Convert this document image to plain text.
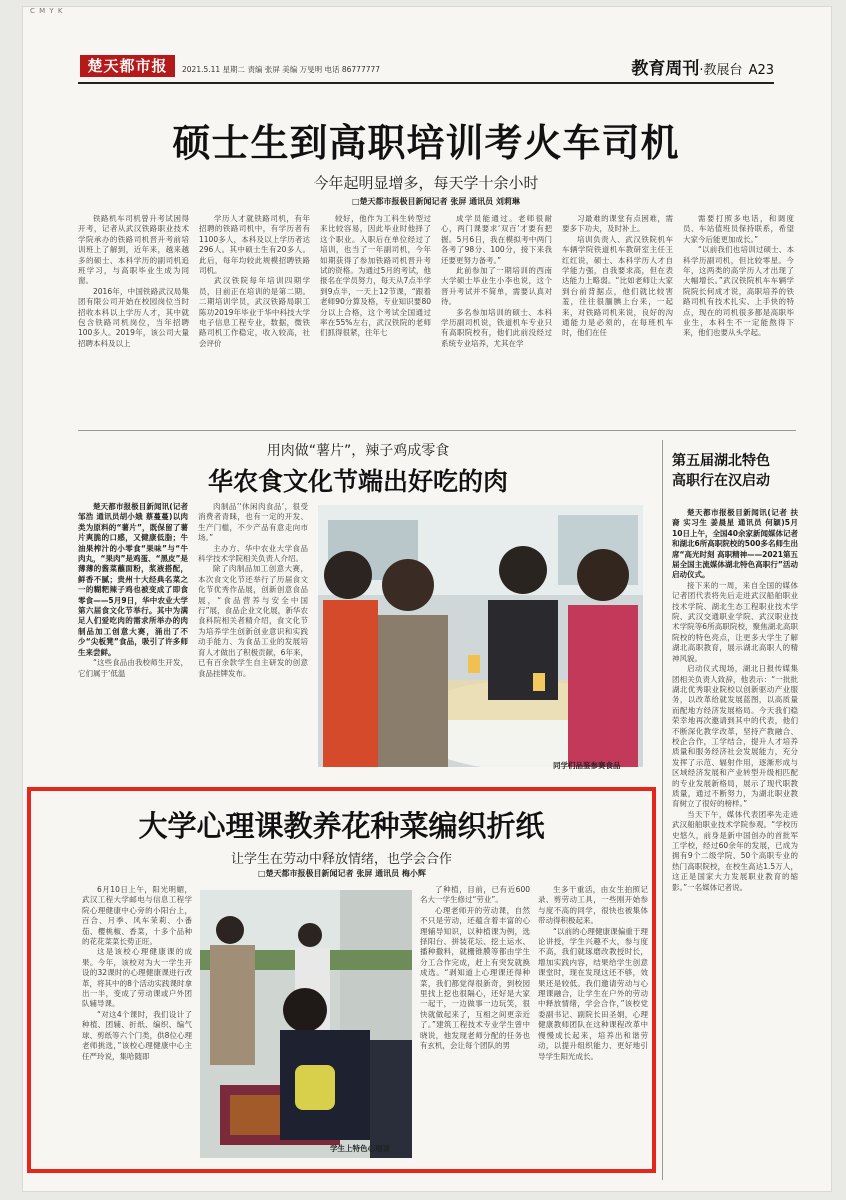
C M Y K
楚天都市报	2021.5.11 星期二 责编 张屏 美编 万旻明 电话 86777777	教育周刊·教展台 A23
硕士生到高职培训考火车司机
今年起明显增多，每天学十余小时
□楚天都市报极目新闻记者 张屏 通讯员 刘莉琳

铁路机车司机曾升考试困得开考，记者从武汉铁路职业技术学院承办的铁路司机晋升考前培训班上了解到，近年来，越来越多的硕士、本科学历的副司机追班学习，与高职毕业生成为同窗。

2016年，中国铁路武汉局集团有限公司开始在校园岗位当时招收本科以上学历人才，其中就包含铁路司机岗位，当年招聘100多人。2019年，该公司大量招聘本科及以上

学历人才就铁路司机，有年招聘的铁路司机中，有学历者有1100多人，本科及以上学历者达296人。其中硕士生有20多人。此后，每年均较此规模招聘铁路司机。

武汉铁院每年培训四期学员，目前正在培训的是第二期。二期培训学员，武汉铁路局职工陈功2019年毕业于华中科技大学电子信息工程专业，数据，微铁路司机工作稳定，收入较高，社会评价

较好，他作为工科生转型过来比较容易，因此毕业时他择了这个职业。入职后在单位经过了培训，也当了一年副司机，今年如期获得了参加铁路司机晋升考试的资格。为通过5月的考试，他报名在学员努力，每天从7点半学到9点半，一天上12节课，“跟着老师90分算及格，专业知识要80分以上合格，这个考试全国通过率在55%左右，武汉铁院的老师们抓得很紧，往年七

成学员能通过。老师很耐心，两门课要求‘双百’才要有把握。5月6日，我在模拟考中两门各考了98分、100分，接下来我还要更努力备考。”

此前参加了一期培训的西南大学硕士毕业生小李也说，这个晋升考试并不简单，需要认真对待。

多名参加培训的硕士、本科学历副司机说，铁道机车专业只有高职院校有，他们此前没经过系统专业培养，尤其在学

习最难的课堂有点困难，需要多下功夫，及时补上。

培训负责人、武汉铁院机车车辆学院铁道机车教研室主任王红红说，硕士、本科学历人才自学能力强，自我要求高，但在表达能力上略弱。“比如老师让大家到台前背据点，他们就比较害羞，往往很腼腆上台来，一起来，对铁路司机来说，良好的沟通能力是必须的，在每班机车时，他们在任

需要打照多电话，和调度员、车站值班员保持联系，希望大家今后能更加成长。”

“以前我们也培训过硕士、本科学历副司机，但比较零星。今年，这两类的高学历人才出现了大幅增长。”武汉铁院机车车辆学院院长何成才说，高职培养的铁路司机有技术扎实、上手快的特点，现在的司机很多都是高职毕业生，本科生不一定能熬得下来，他们也要从头学起。

用肉做“薯片”，辣子鸡成零食
华农食文化节端出好吃的肉

楚天都市报极目新闻讯(记者邹浩 通讯员胡小娥 蔡蔓蔓)以肉类为原料的“薯片”，既保留了薯片爽脆的口感，又健康低脂；牛油果榨汁的小零食“果味”与“牛肉丸，“果肉”是鸡蛋、“黑皮”是薄薄的酱菜蘸面粉，浆液搭配，鲜香不腻；贵州十大经典名菜之一的糊粑辣子鸡也被变成了即食零食——5月9日，华中农业大学第六届食文化节举行。其中为满足人们爱吃肉的需求所举办的肉制品加工创意大赛，涌出了不少“尖板凳”食品，吸引了许多师生来尝鲜。

“这些食品由我校师生开发，它们属于‘低温

肉制品’‘休闲肉食品’，很受消费者青睐，也有一定的开发、生产门槛，不少产品有意走向市场。”

主办方、华中农业大学食品科学技术学院相关负责人介绍。

除了肉制品加工创意大赛，本次食文化节还举行了历届食文化节优秀作品展，创新创意食品展，“食品营养与安全中国行”展，食品企业文化展，新华农食科院相关者精介绍，食文化节为培养学生创新创业意识和实践动手能力、为食品工业的发展培育人才做出了积极贡献，6年来，已有百余款学生自主研发的创意食品挂牌发布。

同学们品鉴参赛食品
第五届湖北特色
高职行在汉启动

楚天都市报极目新闻讯(记者 扶裔 实习生 姜晨星 通讯员 何颖)5月10日上午，全国40余家新闻媒体记者和湖北6所高职院校的500多名师生出席“高光时刻 高职精神——2021第五届全国主流媒体湖北特色高职行”活动启动仪式。

接下来的一周，来自全国的媒体记者团代表将先后走进武汉船舶职业技术学院、湖北生态工程职业技术学院、武汉交通职业学院、武汉职业技术学院等6所高职院校，聚焦湖北高职院校的特色亮点，让更多大学生了解湖北高职教育，展示湖北高职人的精神风貌。

启动仪式现场，湖北日报传媒集团相关负责人致辞，他表示：“一批批湖北优秀职业院校以创新驱动产业服务，以改革给就发展蓝图，以高质量而配地方经济发展格局。今天我们稳荣幸地再次邀请到其中的代表，他们不断深化教学改革，坚持产教融合、校企合作，工学结合，提升人才培养质量和服务经济社会发展能力，充分发挥了示范、辐射作用，逐渐形成与区域经济发展和产业转型升级相匹配的专业发展新格局，展示了现代职教质量，通过不断努力，为湖北职业教育树立了很好的榜样。”

当天下午，媒体代表团率先走进武汉船舶职业技术学院参观。“学校历史悠久，前身是新中国创办的首批军工学校，经过60余年的发展，已成为拥有9个二级学院、50个高职专业的热门高职院校，在校生高达1.5万人，这正是国家大力发展职业教育的缩影。”一名媒体记者说。

大学心理课教养花种菜编织折纸
让学生在劳动中释放情绪，也学会合作
□楚天都市报极目新闻记者 张屏 通讯员 梅小辉

6月10日上午，阳光明媚，武汉工程大学邮电与信息工程学院心理健康中心旁的小阳台上，百合、月季、风车茉莉、小番茄、樱桃椒、香菜，十多个品种的花花菜菜长势正旺。

这是该校心理健康课的成果。今年，该校对为大一学生开设的32课时的心理健康课进行改革，将其中的8个活动实践课时拿出一半，变成了劳动课或户外团队辅导课。

“对这4个课时，我们设计了种植、团辅、折纸、编织、编气球、剪纸等六个门类，供8位心理老师挑选，”该校心理健康中心主任严玲说，集哈随即

学生上特色心理课

了种植，目前，已有近600名大一学生修过“劳业”。

心理老师开的劳动课，自然不只是劳动，还蕴含着丰富的心理辅导知识，以种植课为例，选择阳台、拼装花坛、挖土运水、播种撒料，就栅锥膜等都由学生分工合作完成，赶上有突发就换成选。“剥知道上心理课还得种菜，我们都觉得很新奇，到校园里找上挖也很隔心，还好是大家一起干，一边做事一边玩笑，很快就做起来了，互相之间更亲近了。”建筑工程技术专业学生曾中晓说，他发现老师分配的任务也有玄机，会让每个团队的男

生多干重活，由女生拍照记录、剪劳动工具，一些刚开始参与度不高的同学，很快也被集体带动得积极起来。

“以前的心理健康课偏重于理论讲授，学生兴趣不大，参与度不高，我们就琢磨改教授时长，增加实践内容，结果给学生创意课堂时，现在发现这还不够，效果还是较低。我们邀请劳动与心理课融合，让学生在户外的劳动中释放情绪，学会合作，”该校党委副书记、副院长田圣娟，心理健康教师团队在这种课程改革中慢慢成长起来，培养出和谐劳动，以提升组织能力、更好地引导学生阳光成长。
